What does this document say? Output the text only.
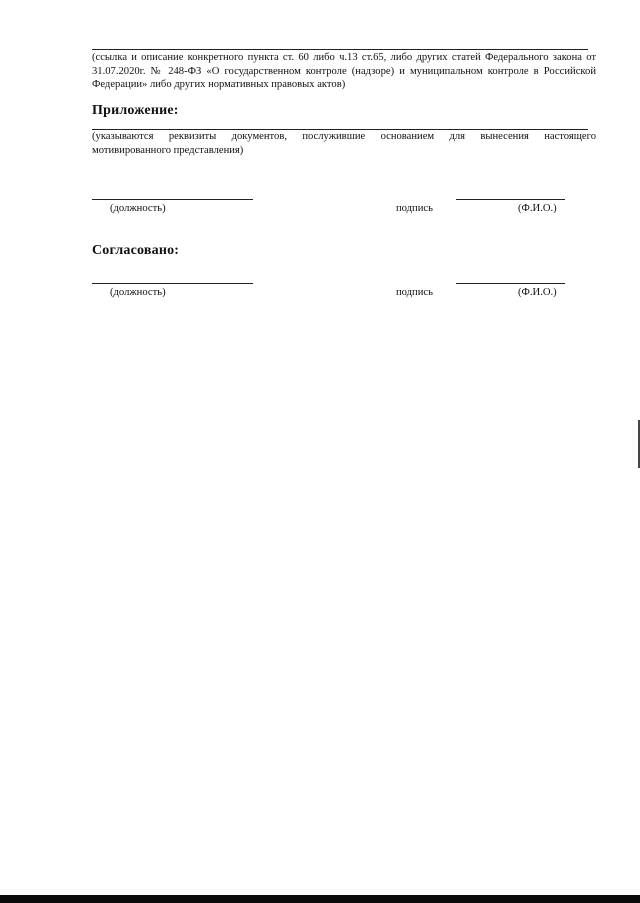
(ссылка и описание конкретного пункта ст. 60 либо ч.13 ст.65, либо других статей Федерального закона от 31.07.2020г. № 248-ФЗ «О государственном контроле (надзоре) и муниципальном контроле в Российской Федерации» либо других нормативных правовых актов)
Приложение:
(указываются реквизиты документов, послужившие основанием для вынесения настоящего
мотивированного представления)
(должность)	подпись	(Ф.И.О.)
Согласовано:
(должность)	подпись	(Ф.И.О.)
